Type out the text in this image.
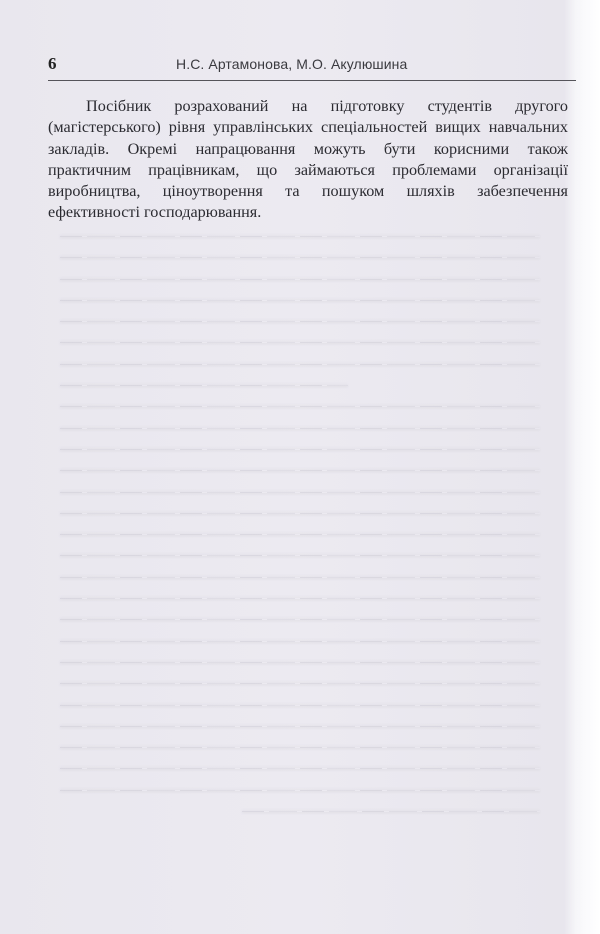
6	Н.С. Артамонова, М.О. Акулюшина

Посібник розрахований на підготовку студентів другого (магістерського) рівня управлінських спеціальностей вищих навчальних закладів. Окремі напрацювання можуть бути корисними також практичним працівникам, що займаються проблемами організації виробництва, ціноутворення та пошуком шляхів забезпечення ефективності господарювання.
